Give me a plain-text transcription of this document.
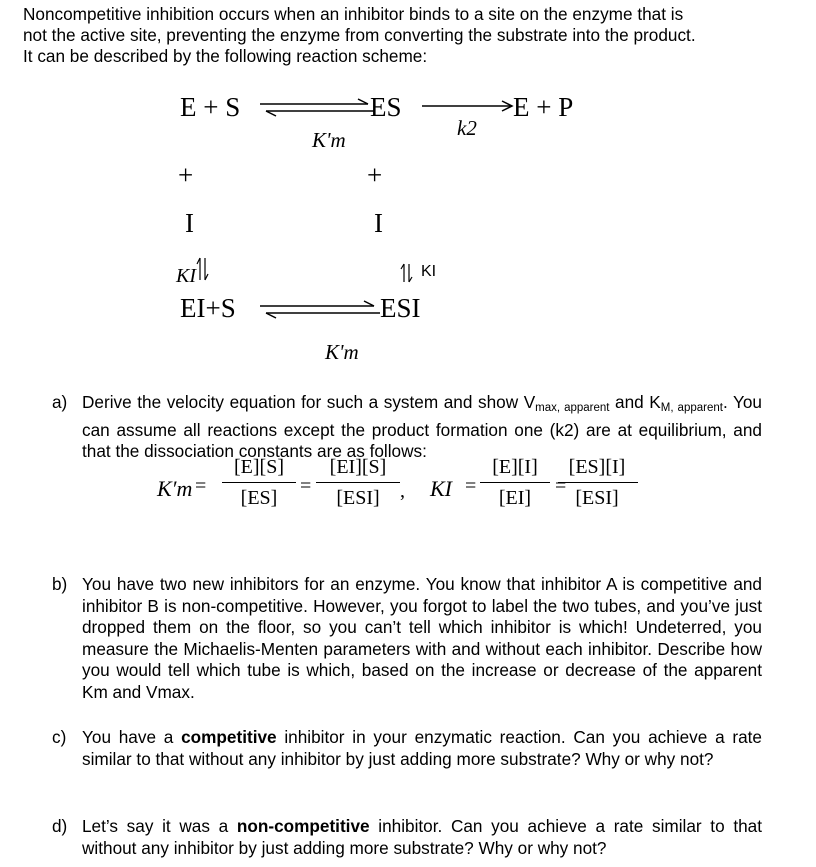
Noncompetitive inhibition occurs when an inhibitor binds to a site on the enzyme that is
not the active site, preventing the enzyme from converting the substrate into the product.
It can be described by the following reaction scheme:
E + S	ES	E + P
K'm	k2
+	+
I	I
KI	KI
EI+S	ESI
K'm
a) Derive the velocity equation for such a system and show $V_{max, apparent}$ and $K_{M, apparent}$. You can assume all reactions except the product formation one (k2) are at equilibrium, and that the dissociation constants are as follows:
K′m =
[E][S]
[ES]
=
[EI][S]
[ESI]	, KI =
[E][I]
[EI]
=
[ES][I]
[ESI]
b) You have two new inhibitors for an enzyme. You know that inhibitor A is competitive and inhibitor B is non-competitive. However, you forgot to label the two tubes, and you’ve just dropped them on the floor, so you can’t tell which inhibitor is which! Undeterred, you measure the Michaelis-Menten parameters with and without each inhibitor. Describe how you would tell which tube is which, based on the increase or decrease of the apparent Km and Vmax.
c) You have a competitive inhibitor in your enzymatic reaction. Can you achieve a rate similar to that without any inhibitor by just adding more substrate? Why or why not?
d) Let’s say it was a non-competitive inhibitor. Can you achieve a rate similar to that without any inhibitor by just adding more substrate? Why or why not?
